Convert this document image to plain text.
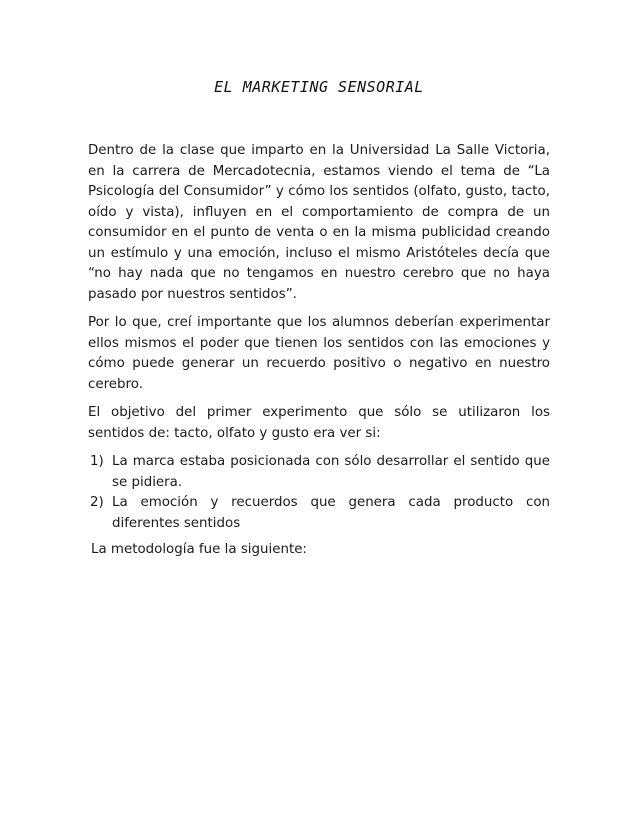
EL MARKETING SENSORIAL

Dentro de la clase que imparto en la Universidad La Salle Victoria, en la carrera de Mercadotecnia, estamos viendo el tema de “La Psicología del Consumidor” y cómo los sentidos (olfato, gusto, tacto, oído y vista), influyen en el comportamiento de compra de un consumidor en el punto de venta o en la misma publicidad creando un estímulo y una emoción, incluso el mismo Aristóteles decía que “no hay nada que no tengamos en nuestro cerebro que no haya pasado por nuestros sentidos”.

Por lo que, creí importante que los alumnos deberían experimentar ellos mismos el poder que tienen los sentidos con las emociones y cómo puede generar un recuerdo positivo o negativo en nuestro cerebro.

El objetivo del primer experimento que sólo se utilizaron los sentidos de: tacto, olfato y gusto era ver si:

1) La marca estaba posicionada con sólo desarrollar el sentido que se pidiera.
2) La emoción y recuerdos que genera cada producto con diferentes sentidos

La metodología fue la siguiente:
